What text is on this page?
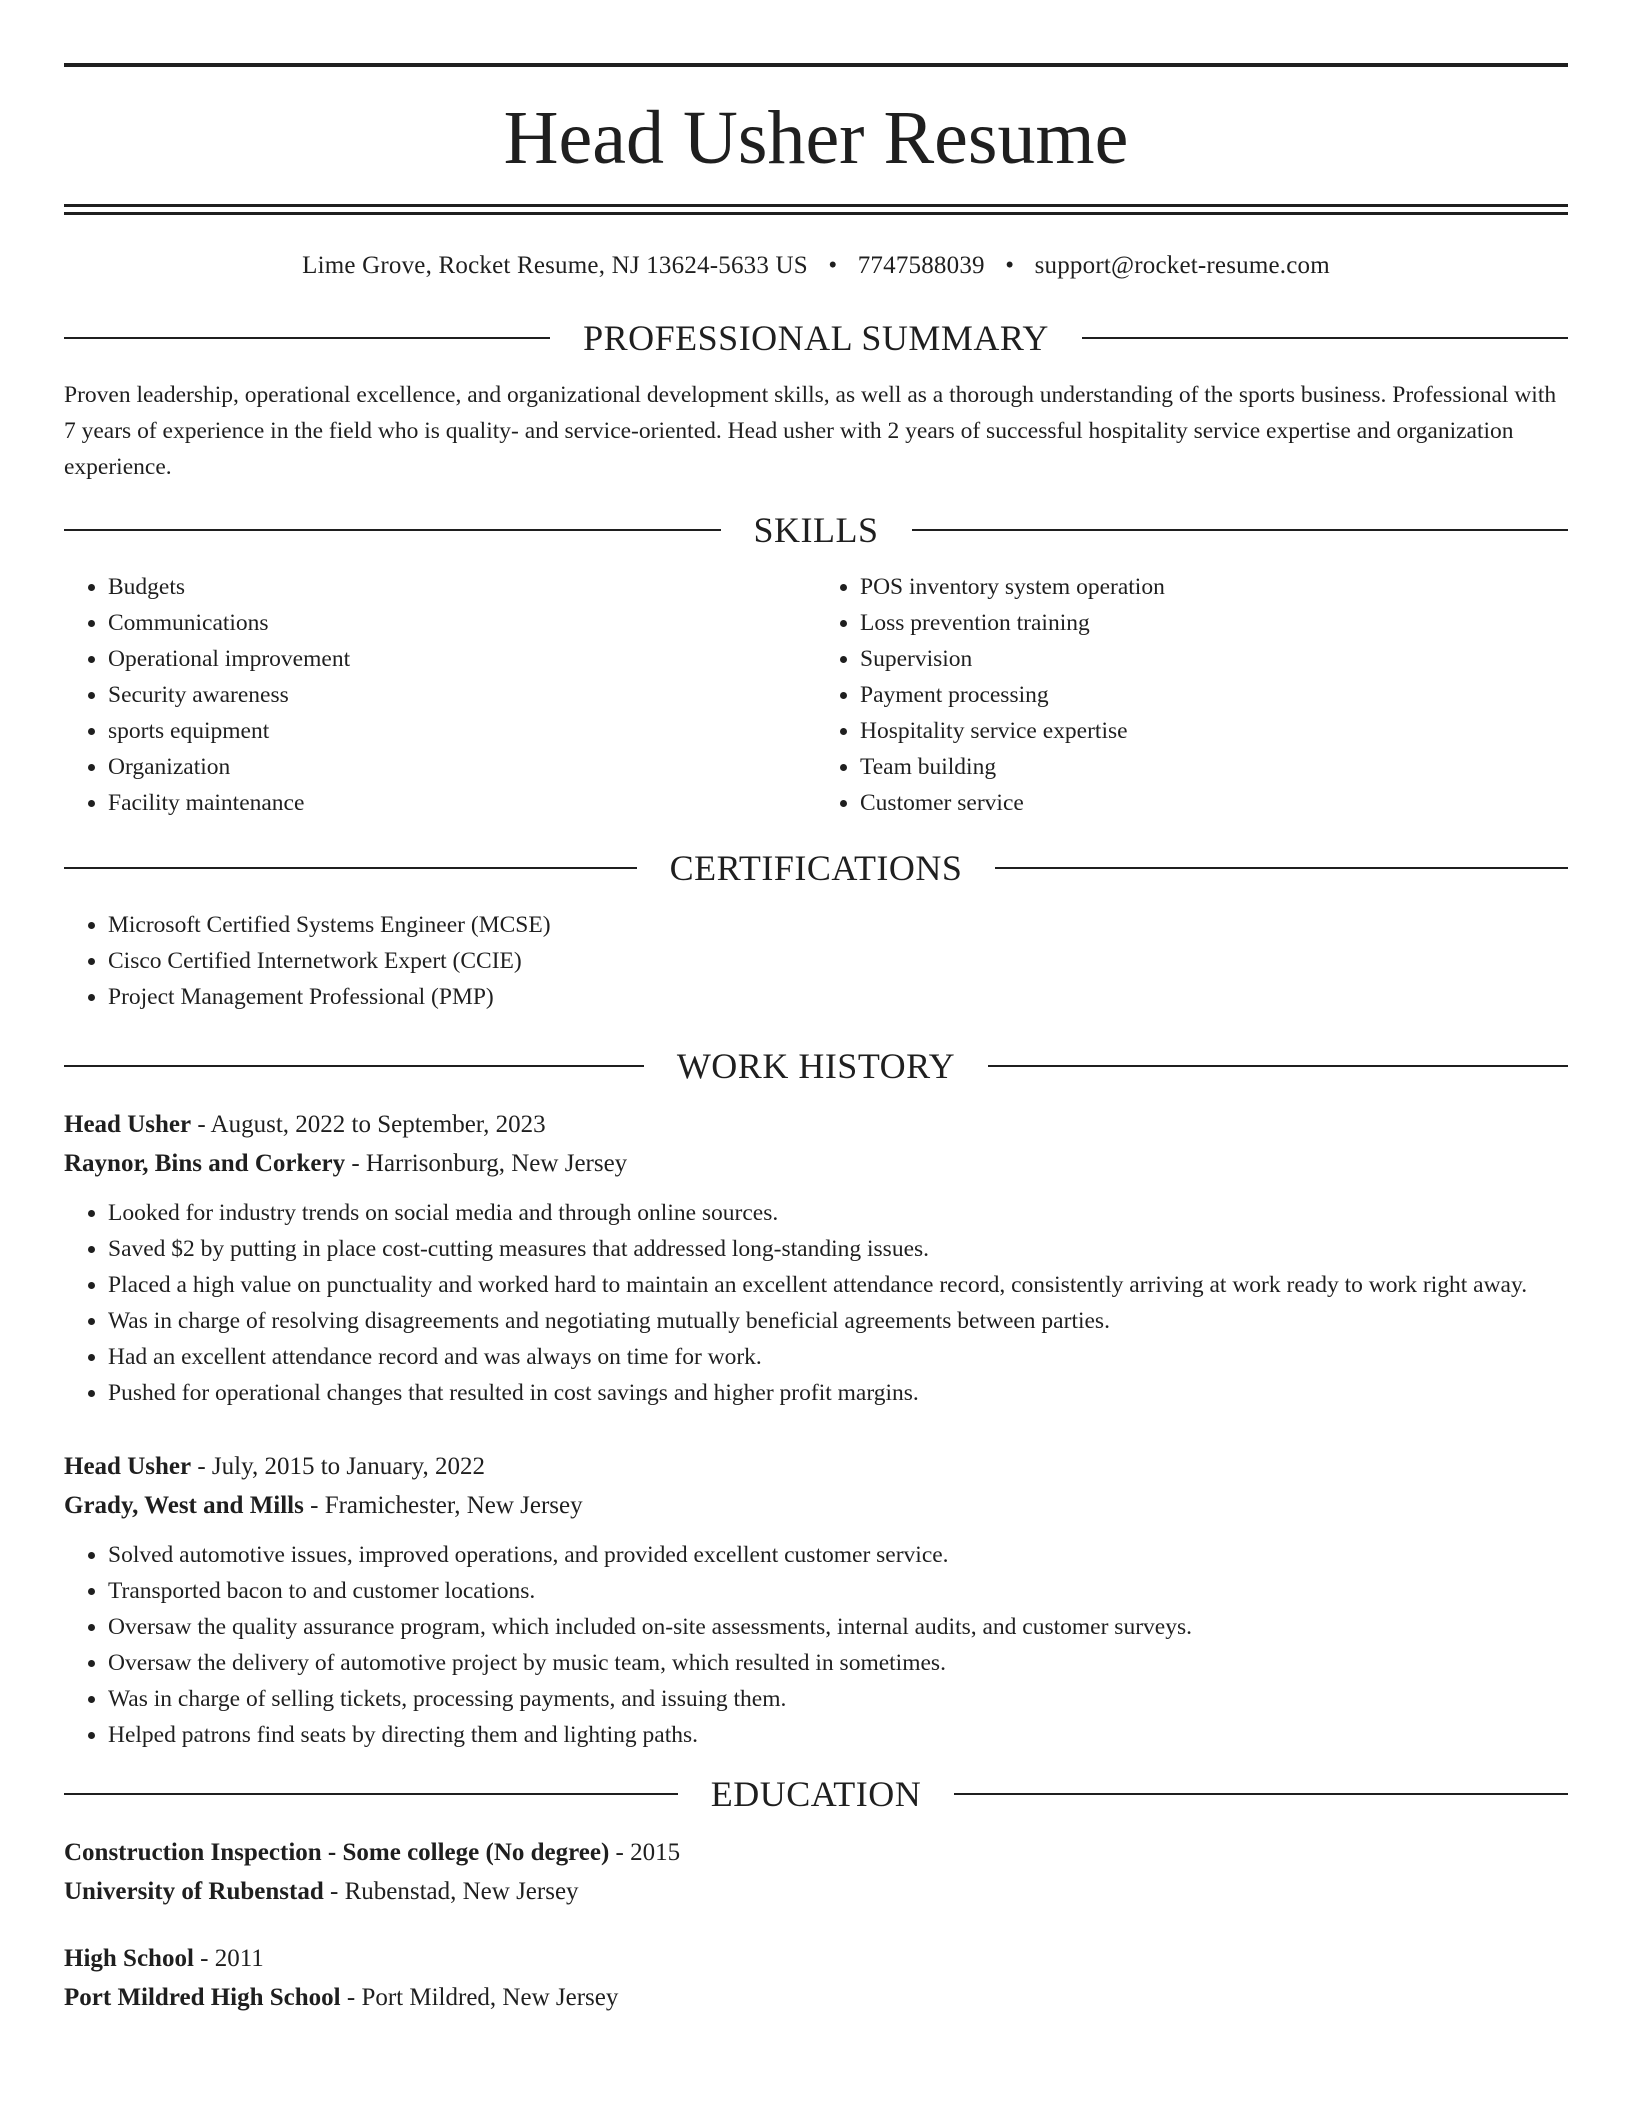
Head Usher Resume
Lime Grove, Rocket Resume, NJ 13624-5633 US • 7747588039 • support@rocket-resume.com
PROFESSIONAL SUMMARY
Proven leadership, operational excellence, and organizational development skills, as well as a thorough understanding of the sports business. Professional with 7 years of experience in the field who is quality- and service-oriented. Head usher with 2 years of successful hospitality service expertise and organization experience.
SKILLS
• Budgets
• Communications
• Operational improvement
• Security awareness
• sports equipment
• Organization
• Facility maintenance
• POS inventory system operation
• Loss prevention training
• Supervision
• Payment processing
• Hospitality service expertise
• Team building
• Customer service
CERTIFICATIONS
• Microsoft Certified Systems Engineer (MCSE)
• Cisco Certified Internetwork Expert (CCIE)
• Project Management Professional (PMP)
WORK HISTORY
Head Usher - August, 2022 to September, 2023
Raynor, Bins and Corkery - Harrisonburg, New Jersey
• Looked for industry trends on social media and through online sources.
• Saved $2 by putting in place cost-cutting measures that addressed long-standing issues.
• Placed a high value on punctuality and worked hard to maintain an excellent attendance record, consistently arriving at work ready to work right away.
• Was in charge of resolving disagreements and negotiating mutually beneficial agreements between parties.
• Had an excellent attendance record and was always on time for work.
• Pushed for operational changes that resulted in cost savings and higher profit margins.
Head Usher - July, 2015 to January, 2022
Grady, West and Mills - Framichester, New Jersey
• Solved automotive issues, improved operations, and provided excellent customer service.
• Transported bacon to and customer locations.
• Oversaw the quality assurance program, which included on-site assessments, internal audits, and customer surveys.
• Oversaw the delivery of automotive project by music team, which resulted in sometimes.
• Was in charge of selling tickets, processing payments, and issuing them.
• Helped patrons find seats by directing them and lighting paths.
EDUCATION
Construction Inspection - Some college (No degree) - 2015
University of Rubenstad - Rubenstad, New Jersey
High School - 2011
Port Mildred High School - Port Mildred, New Jersey
